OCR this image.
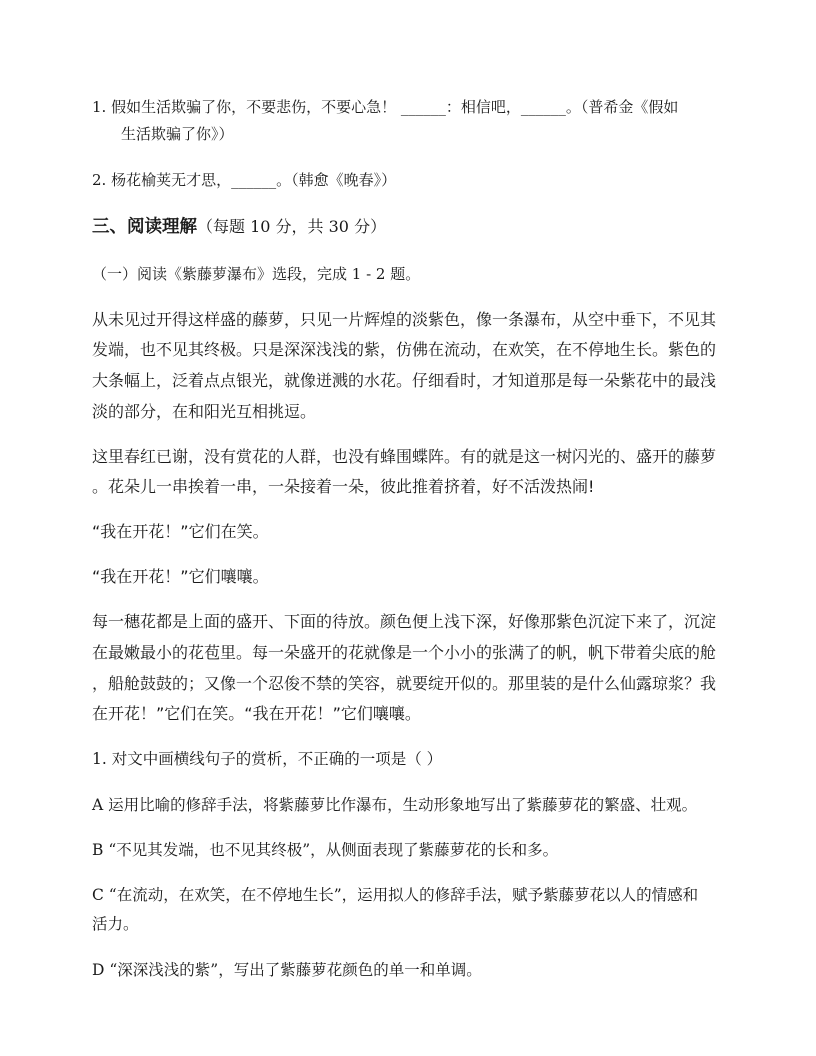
1. 假如生活欺骗了你，不要悲伤，不要心急！ ______：相信吧，______。（普希金《假如
生活欺骗了你》）
2. 杨花榆荚无才思，______。（韩愈《晚春》）
三、阅读理解（每题 10 分，共 30 分）
（一）阅读《紫藤萝瀑布》选段，完成 1 - 2 题。
从未见过开得这样盛的藤萝，只见一片辉煌的淡紫色，像一条瀑布，从空中垂下，不见其
发端，也不见其终极。只是深深浅浅的紫，仿佛在流动，在欢笑，在不停地生长。紫色的
大条幅上，泛着点点银光，就像迸溅的水花。仔细看时，才知道那是每一朵紫花中的最浅
淡的部分，在和阳光互相挑逗。
这里春红已谢，没有赏花的人群，也没有蜂围蝶阵。有的就是这一树闪光的、盛开的藤萝
。花朵儿一串挨着一串，一朵接着一朵，彼此推着挤着，好不活泼热闹!
“我在开花！”它们在笑。
“我在开花！”它们嚷嚷。
每一穗花都是上面的盛开、下面的待放。颜色便上浅下深，好像那紫色沉淀下来了，沉淀
在最嫩最小的花苞里。每一朵盛开的花就像是一个小小的张满了的帆，帆下带着尖底的舱
，船舱鼓鼓的；又像一个忍俊不禁的笑容，就要绽开似的。那里装的是什么仙露琼浆？我
在开花！”它们在笑。“我在开花！”它们嚷嚷。
1. 对文中画横线句子的赏析，不正确的一项是（ ）
A 运用比喻的修辞手法，将紫藤萝比作瀑布，生动形象地写出了紫藤萝花的繁盛、壮观。
B “不见其发端，也不见其终极”，从侧面表现了紫藤萝花的长和多。
C “在流动，在欢笑，在不停地生长”，运用拟人的修辞手法，赋予紫藤萝花以人的情感和
活力。
D “深深浅浅的紫”，写出了紫藤萝花颜色的单一和单调。
